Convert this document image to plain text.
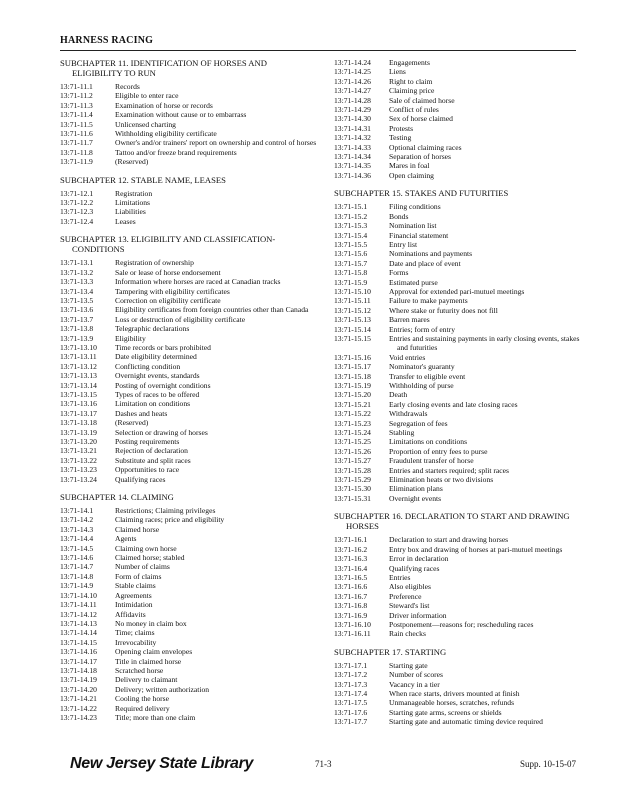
HARNESS RACING
SUBCHAPTER 11. IDENTIFICATION OF HORSES AND ELIGIBILITY TO RUN
13:71-11.1	Records
13:71-11.2	Eligible to enter race
13:71-11.3	Examination of horse or records
13:71-11.4	Examination without cause or to embarrass
13:71-11.5	Unlicensed charting
13:71-11.6	Withholding eligibility certificate
13:71-11.7	Owner's and/or trainers' report on ownership and control of horses
13:71-11.8	Tattoo and/or freeze brand requirements
13:71-11.9	(Reserved)
SUBCHAPTER 12. STABLE NAME, LEASES
13:71-12.1	Registration
13:71-12.2	Limitations
13:71-12.3	Liabilities
13:71-12.4	Leases
SUBCHAPTER 13. ELIGIBILITY AND CLASSIFICATION-CONDITIONS
13:71-13.1	Registration of ownership
13:71-13.2	Sale or lease of horse endorsement
13:71-13.3	Information where horses are raced at Canadian tracks
13:71-13.4	Tampering with eligibility certificates
13:71-13.5	Correction on eligibility certificate
13:71-13.6	Eligibility certificates from foreign countries other than Canada
13:71-13.7	Loss or destruction of eligibility certificate
13:71-13.8	Telegraphic declarations
13:71-13.9	Eligibility
13:71-13.10	Time records or bars prohibited
13:71-13.11	Date eligibility determined
13:71-13.12	Conflicting condition
13:71-13.13	Overnight events, standards
13:71-13.14	Posting of overnight conditions
13:71-13.15	Types of races to be offered
13:71-13.16	Limitation on conditions
13:71-13.17	Dashes and heats
13:71-13.18	(Reserved)
13:71-13.19	Selection or drawing of horses
13:71-13.20	Posting requirements
13:71-13.21	Rejection of declaration
13:71-13.22	Substitute and split races
13:71-13.23	Opportunities to race
13:71-13.24	Qualifying races
SUBCHAPTER 14. CLAIMING
13:71-14.1	Restrictions; Claiming privileges
13:71-14.2	Claiming races; price and eligibility
13:71-14.3	Claimed horse
13:71-14.4	Agents
13:71-14.5	Claiming own horse
13:71-14.6	Claimed horse; stabled
13:71-14.7	Number of claims
13:71-14.8	Form of claims
13:71-14.9	Stable claims
13:71-14.10	Agreements
13:71-14.11	Intimidation
13:71-14.12	Affidavits
13:71-14.13	No money in claim box
13:71-14.14	Time; claims
13:71-14.15	Irrevocability
13:71-14.16	Opening claim envelopes
13:71-14.17	Title in claimed horse
13:71-14.18	Scratched horse
13:71-14.19	Delivery to claimant
13:71-14.20	Delivery; written authorization
13:71-14.21	Cooling the horse
13:71-14.22	Required delivery
13:71-14.23	Title; more than one claim
13:71-14.24	Engagements
13:71-14.25	Liens
13:71-14.26	Right to claim
13:71-14.27	Claiming price
13:71-14.28	Sale of claimed horse
13:71-14.29	Conflict of rules
13:71-14.30	Sex of horse claimed
13:71-14.31	Protests
13:71-14.32	Testing
13:71-14.33	Optional claiming races
13:71-14.34	Separation of horses
13:71-14.35	Mares in foal
13:71-14.36	Open claiming
SUBCHAPTER 15. STAKES AND FUTURITIES
13:71-15.1	Filing conditions
13:71-15.2	Bonds
13:71-15.3	Nomination list
13:71-15.4	Financial statement
13:71-15.5	Entry list
13:71-15.6	Nominations and payments
13:71-15.7	Date and place of event
13:71-15.8	Forms
13:71-15.9	Estimated purse
13:71-15.10	Approval for extended pari-mutuel meetings
13:71-15.11	Failure to make payments
13:71-15.12	Where stake or futurity does not fill
13:71-15.13	Barren mares
13:71-15.14	Entries; form of entry
13:71-15.15	Entries and sustaining payments in early closing events, stakes and futurities
13:71-15.16	Void entries
13:71-15.17	Nominator's guaranty
13:71-15.18	Transfer to eligible event
13:71-15.19	Withholding of purse
13:71-15.20	Death
13:71-15.21	Early closing events and late closing races
13:71-15.22	Withdrawals
13:71-15.23	Segregation of fees
13:71-15.24	Stabling
13:71-15.25	Limitations on conditions
13:71-15.26	Proportion of entry fees to purse
13:71-15.27	Fraudulent transfer of horse
13:71-15.28	Entries and starters required; split races
13:71-15.29	Elimination heats or two divisions
13:71-15.30	Elimination plans
13:71-15.31	Overnight events
SUBCHAPTER 16. DECLARATION TO START AND DRAWING HORSES
13:71-16.1	Declaration to start and drawing horses
13:71-16.2	Entry box and drawing of horses at pari-mutuel meetings
13:71-16.3	Error in declaration
13:71-16.4	Qualifying races
13:71-16.5	Entries
13:71-16.6	Also eligibles
13:71-16.7	Preference
13:71-16.8	Steward's list
13:71-16.9	Driver information
13:71-16.10	Postponement—reasons for; rescheduling races
13:71-16.11	Rain checks
SUBCHAPTER 17. STARTING
13:71-17.1	Starting gate
13:71-17.2	Number of scores
13:71-17.3	Vacancy in a tier
13:71-17.4	When race starts, drivers mounted at finish
13:71-17.5	Unmanageable horses, scratches, refunds
13:71-17.6	Starting gate arms, screens or shields
13:71-17.7	Starting gate and automatic timing device required
New Jersey State Library	71-3	Supp. 10-15-07
